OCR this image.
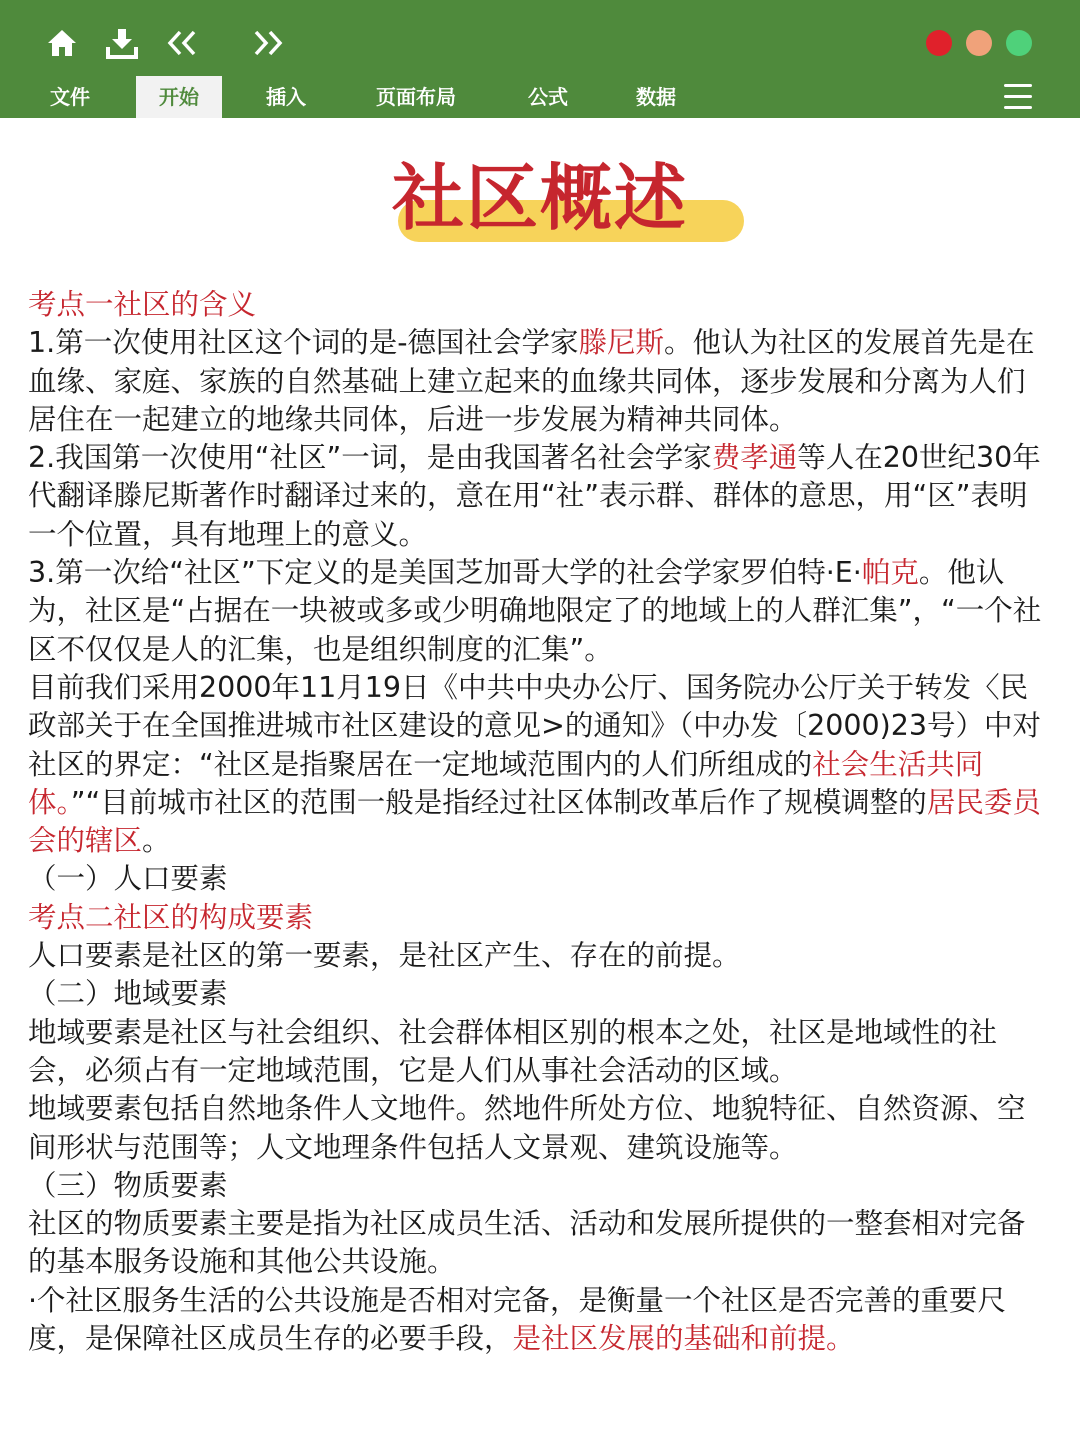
文件	开始	插入	页面布局	公式	数据
社区概述

考点一社区的含义

1.第一次使用社区这个词的是-德国社会学家滕尼斯。他认为社区的发展首先是在血缘、家庭、家族的自然基础上建立起来的血缘共同体，逐步发展和分离为人们居住在一起建立的地缘共同体，后进一步发展为精神共同体。

2.我国第一次使用“社区”一词，是由我国著名社会学家费孝通等人在20世纪30年代翻译滕尼斯著作时翻译过来的，意在用“社”表示群、群体的意思，用“区”表明一个位置，具有地理上的意义。

3.第一次给“社区”下定义的是美国芝加哥大学的社会学家罗伯特·E·帕克。他认为，社区是“占据在一块被或多或少明确地限定了的地域上的人群汇集”，“一个社区不仅仅是人的汇集，也是组织制度的汇集”。

目前我们采用2000年11月19日《中共中央办公厅、国务院办公厅关于转发〈民政部关于在全国推进城市社区建设的意见>的通知》（中办发〔2000)23号）中对社区的界定：“社区是指聚居在一定地域范围内的人们所组成的社会生活共同体。”“目前城市社区的范围一般是指经过社区体制改革后作了规模调整的居民委员会的辖区。

（一）人口要素

考点二社区的构成要素

人口要素是社区的第一要素，是社区产生、存在的前提。

（二）地域要素

地域要素是社区与社会组织、社会群体相区别的根本之处，社区是地域性的社会，必须占有一定地域范围，它是人们从事社会活动的区域。

地域要素包括自然地条件人文地件。然地件所处方位、地貌特征、自然资源、空间形状与范围等；人文地理条件包括人文景观、建筑设施等。

（三）物质要素

社区的物质要素主要是指为社区成员生活、活动和发展所提供的一整套相对完备的基本服务设施和其他公共设施。

·个社区服务生活的公共设施是否相对完备，是衡量一个社区是否完善的重要尺度，是保障社区成员生存的必要手段，是社区发展的基础和前提。
